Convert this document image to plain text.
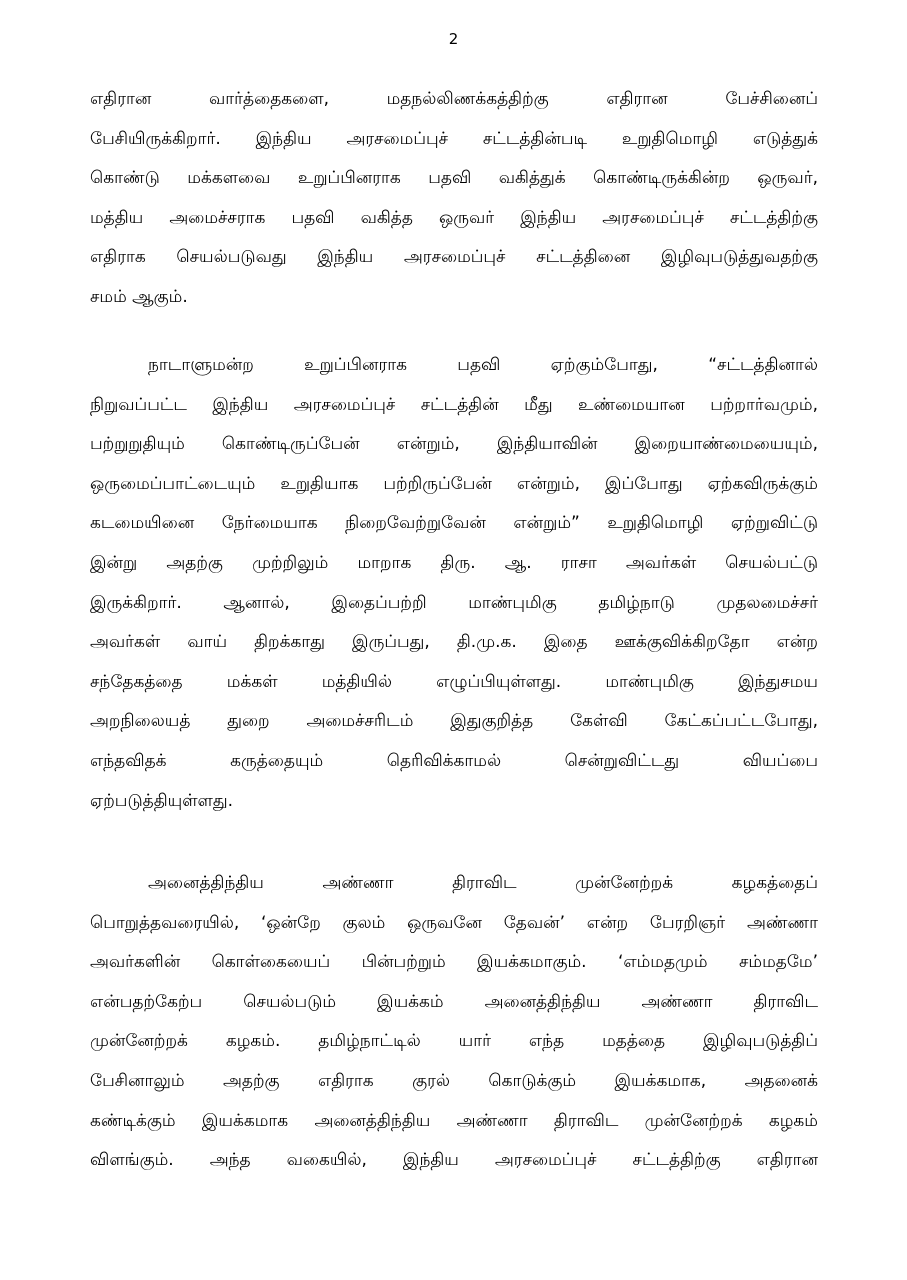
2
எதிரான வார்த்தைகளை, மதநல்லிணக்கத்திற்கு எதிரான பேச்சினைப்
பேசியிருக்கிறார். இந்திய அரசமைப்புச் சட்டத்தின்படி உறுதிமொழி எடுத்துக்
கொண்டு மக்களவை உறுப்பினராக பதவி வகித்துக் கொண்டிருக்கின்ற ஒருவர்,
மத்திய அமைச்சராக பதவி வகித்த ஒருவர் இந்திய அரசமைப்புச் சட்டத்திற்கு
எதிராக செயல்படுவது இந்திய அரசமைப்புச் சட்டத்தினை இழிவுபடுத்துவதற்கு
சமம் ஆகும்.
நாடாளுமன்ற உறுப்பினராக பதவி ஏற்கும்போது, “சட்டத்தினால்
நிறுவப்பட்ட இந்திய அரசமைப்புச் சட்டத்தின் மீது உண்மையான பற்றார்வமும்,
பற்றுறுதியும் கொண்டிருப்பேன் என்றும், இந்தியாவின் இறையாண்மையையும்,
ஒருமைப்பாட்டையும் உறுதியாக பற்றிருப்பேன் என்றும், இப்போது ஏற்கவிருக்கும்
கடமையினை நேர்மையாக நிறைவேற்றுவேன் என்றும்” உறுதிமொழி ஏற்றுவிட்டு
இன்று அதற்கு முற்றிலும் மாறாக திரு. ஆ. ராசா அவர்கள் செயல்பட்டு
இருக்கிறார். ஆனால், இதைப்பற்றி மாண்புமிகு தமிழ்நாடு முதலமைச்சர்
அவர்கள் வாய் திறக்காது இருப்பது, தி.மு.க. இதை ஊக்குவிக்கிறதோ என்ற
சந்தேகத்தை மக்கள் மத்தியில் எழுப்பியுள்ளது. மாண்புமிகு இந்துசமய
அறநிலையத் துறை அமைச்சரிடம் இதுகுறித்த கேள்வி கேட்கப்பட்டபோது,
எந்தவிதக் கருத்தையும் தெரிவிக்காமல் சென்றுவிட்டது வியப்பை
ஏற்படுத்தியுள்ளது.
அனைத்திந்திய அண்ணா திராவிட முன்னேற்றக் கழகத்தைப்
பொறுத்தவரையில், ‘ஒன்றே குலம் ஒருவனே தேவன்’ என்ற பேரறிஞர் அண்ணா
அவர்களின் கொள்கையைப் பின்பற்றும் இயக்கமாகும். ‘எம்மதமும் சம்மதமே’
என்பதற்கேற்ப செயல்படும் இயக்கம் அனைத்திந்திய அண்ணா திராவிட
முன்னேற்றக் கழகம். தமிழ்நாட்டில் யார் எந்த மதத்தை இழிவுபடுத்திப்
பேசினாலும் அதற்கு எதிராக குரல் கொடுக்கும் இயக்கமாக, அதனைக்
கண்டிக்கும் இயக்கமாக அனைத்திந்திய அண்ணா திராவிட முன்னேற்றக் கழகம்
விளங்கும். அந்த வகையில், இந்திய அரசமைப்புச் சட்டத்திற்கு எதிரான
